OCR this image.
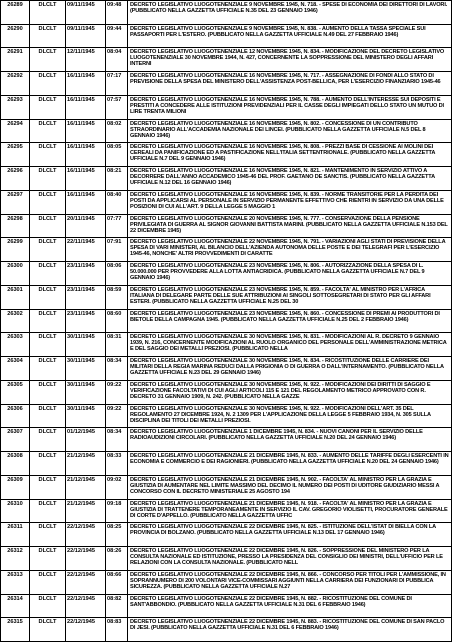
26289	DLCLT	09/11/1945	09:48	DECRETO LEGISLATIVO LUOGOTENENZIALE 9 NOVEMBRE 1945, N. 718. - SPESE DI ECONOMIA DEI DIRETTORI DI LAVORI. (PUBBLICATO NELLA GAZZETTA UFFICIALE N.35 DEL 23 GENNAIO 1946)
26290	DLCLT	09/11/1945	09:44	DECRETO LEGISLATIVO LUOGOTENENZIALE 9 NOVEMBRE 1945, N. 838. - AUMENTO DELLA TASSA SPECIALE SUI PASSAPORTI PER L'ESTERO. (PUBBLICATO NELLA GAZZETTA UFFICIALE N.49 DEL 27 FEBBRAIO 1946)
26291	DLCLT	12/11/1945	08:04	DECRETO LEGISLATIVO LUOGOTENENZIALE 12 NOVEMBRE 1945, N. 834. - MODIFICAZIONE DEL DECRETO LEGISLATIVO LUOGOTENENZIALE 30 NOVEMBRE 1944, N. 427, CONCERNENTE LA SOPPRESSIONE DEL MINISTERO DEGLI AFFARI INTERNI
26292	DLCLT	16/11/1945	07:17	DECRETO LEGISLATIVO LUOGOTENENZIALE 16 NOVEMBRE 1945, N. 717. - ASSEGNAZIONE DI FONDI ALLO STATO DI PREVISIONE DELLA SPESA DEL MINISTERO DELL'ASSISTENZA POST-BELLICA, PER L'ESERCIZIO FINANZIARIO 1945-46
26293	DLCLT	16/11/1945	07:57	DECRETO LEGISLATIVO LUOGOTENENZIALE 16 NOVEMBRE 1945, N. 788. - AUMENTO DELL'INTERESSE SUI DEPOSITI E PRESTITI A CONCEDERE ALLE ISTITUZIONI PREVIDENZIALI PER IL CASSE DEGLI IMPIEGATI DELLO STATO UN MUTUO DI LIRE TRENTA MILIONI
26294	DLCLT	16/11/1945	08:02	DECRETO LEGISLATIVO LUOGOTENENZIALE 16 NOVEMBRE 1945, N. 802. - CONCESSIONE DI UN CONTRIBUTO STRAORDINARIO ALL'ACCADEMIA NAZIONALE DEI LINCEI. (PUBBLICATO NELLA GAZZETTA UFFICIALE N.5 DEL 8 GENNAIO 1946)
26295	DLCLT	16/11/1945	08:05	DECRETO LEGISLATIVO LUOGOTENENZIALE 16 NOVEMBRE 1945, N. 808. - PREZZI BASE DI CESSIONE AI MOLINI DEI CEREALI DA PANIFICAZIONE ED A PASTIFICAZIONE NELL'ITALIA SETTENTRIONALE. (PUBBLICATO NELLA GAZZETTA UFFICIALE N.7 DEL 9 GENNAIO 1946)
26296	DLCLT	16/11/1945	08:21	DECRETO LEGISLATIVO LUOGOTENENZIALE 16 NOVEMBRE 1945, N. 821. - MANTENIMENTO IN SERVIZIO ATTIVO A DECORRERE DALL'ANNO ACCADEMICO 1945-46 DEL PROF. GAETANO DE SANCTIS. (PUBBLICATO NELLA GAZZETTA UFFICIALE N.12 DEL 16 GENNAIO 1946)
26297	DLCLT	16/11/1945	08:40	DECRETO LEGISLATIVO LUOGOTENENZIALE 16 NOVEMBRE 1945, N. 839. - NORME TRANSITORIE PER LA PERDITA DEI POSTI DA APPLICARSI AL PERSONALE IN SERVIZIO PERMANENTE EFFETTIVO CHE RIENTRI IN SERVIZIO DA UNA DELLE POSIZIONI DI CUI ALL'ART. 9 DELLA LEGGE 5 MAGGIO 1
26298	DLCLT	20/11/1945	07:77	DECRETO LEGISLATIVO LUOGOTENENZIALE 20 NOVEMBRE 1945, N. 777. - CONSERVAZIONE DELLA PENSIONE PRIVILEGIATA DI GUERRA AL SIGNOR GIOVANNI BATTISTA MARINI. (PUBBLICATO NELLA GAZZETTA UFFICIALE N.153 DEL 22 DICEMBRE 1945)
26299	DLCLT	22/11/1945	07:91	DECRETO LEGISLATIVO LUOGOTENENZIALE 22 NOVEMBRE 1945, N. 791. - VARIAZIONI AGLI STATI DI PREVISIONE DELLA SPESA DI VARI MINISTERI, AL BILANCIO DELL'AZIENDA AUTONOMA DELLE POSTE E DEI TELEGRAFI PER L'ESERCIZIO 1945-46, NONCHE' ALTRI PROVVEDIMENTI DI CARATTE
26300	DLCLT	23/11/1945	08:06	DECRETO LEGISLATIVO LUOGOTENENZIALE 23 NOVEMBRE 1945, N. 806. - AUTORIZZAZIONE DELLA SPESA DI L. 50.000.000 PER PROVVEDERE ALLA LOTTA ANTIACRIDICA. (PUBBLICATO NELLA GAZZETTA UFFICIALE N.7 DEL 9 GENNAIO 1946)
26301	DLCLT	23/11/1945	08:59	DECRETO LEGISLATIVO LUOGOTENENZIALE 23 NOVEMBRE 1945, N. 859. - FACOLTA' AL MINISTRO PER L'AFRICA ITALIANA DI DELEGARE PARTE DELLE SUE ATTRIBUZIONI AI SINGOLI SOTTOSEGRETARI DI STATO PER GLI AFFARI ESTERI. (PUBBLICATO NELLA GAZZETTA UFFICIALE N.25 DEL 30
26302	DLCLT	23/11/1945	08:60	DECRETO LEGISLATIVO LUOGOTENENZIALE 23 NOVEMBRE 1945, N. 860. - CONCESSIONE DI PREMI AI PRODUTTORI DI BIETOLE DELLA CAMPAGNA 1945. (PUBBLICATO NELLA GAZZETTA UFFICIALE N.25 DEL 2 FEBBRAIO 1946)
26303	DLCLT	30/11/1945	08:31	DECRETO LEGISLATIVO LUOGOTENENZIALE 30 NOVEMBRE 1945, N. 831. - MODIFICAZIONI AL R. DECRETO 9 GENNAIO 1939, N. 216, CONCERNENTE MODIFICAZIONI AL RUOLO ORGANICO DEL PERSONALE DELL'AMMINISTRAZIONE METRICA E DEL SAGGIO DEI METALLI PREZIOSI. (PUBBLICATO NELLA
26304	DLCLT	30/11/1945	08:34	DECRETO LEGISLATIVO LUOGOTENENZIALE 30 NOVEMBRE 1945, N. 834. - RICOSTITUZIONE DELLE CARRIERE DEI MILITARI DELLA REGIA MARINA REDUCI DALLA PRIGIONIA O DI GUERRA O DALL'INTERNAMENTO. (PUBBLICATO NELLA GAZZETTA UFFICIALE N.23 DEL 29 GENNAIO 1946)
26305	DLCLT	30/11/1945	09:22	DECRETO LEGISLATIVO LUOGOTENENZIALE 30 NOVEMBRE 1945, N. 922. - MODIFICAZIONI DEI DIRITTI DI SAGGIO E VERIFICAZIONE FACOLTATIVI DI CUI AGLI ARTICOLI 115 E 121 DEL REGOLAMENTO METRICO APPROVATO CON R. DECRETO 31 GENNAIO 1909, N. 242. (PUBBLICATO NELLA GAZZE
26306	DLCLT	30/11/1945	09:22	DECRETO LEGISLATIVO LUOGOTENENZIALE 30 NOVEMBRE 1945, N. 922. - MODIFICAZIONI DELL'ART. 35 DEL REGOLAMENTO 27 DICEMBRE 1924, N. 2 1309 PER L'APPLICAZIONE DELLA LEGGE 5 FEBBRAIO 1934, N. 305 SULLA DISCIPLINA DEI TITOLI DEI METALLI PREZIOSI.
26307	DLCLT	01/12/1945	08:34	DECRETO LEGISLATIVO LUOGOTENENZIALE 1 DICEMBRE 1945, N. 834. - NUOVI CANONI PER IL SERVIZIO DELLE RADIOAUDIZIONI CIRCOLARI. (PUBBLICATO NELLA GAZZETTA UFFICIALE N.20 DEL 24 GENNAIO 1946)
26308	DLCLT	21/12/1945	08:33	DECRETO LEGISLATIVO LUOGOTENENZIALE 21 DICEMBRE 1945, N. 833. - AUMENTO DELLE TARIFFE DEGLI ESERCENTI IN ECONOMIA E COMMERCIO E DEI RAGIONIERI. (PUBBLICATO NELLA GAZZETTA UFFICIALE N.20 DEL 24 GENNAIO 1946)
26309	DLCLT	21/12/1945	09:02	DECRETO LEGISLATIVO LUOGOTENENZIALE 21 DICEMBRE 1945, N. 902. - FACOLTA' AL MINISTRO PER LA GRAZIA E GIUSTIZIA DI AUMENTARE NEL LIMITE MASSIMO DEL DECIMO IL NUMERO DEI POSTI DI UDITORE GIUDIZIARIO MESSI A CONCORSO CON IL DECRETO MINISTERIALE 25 AGOSTO 194
26310	DLCLT	21/12/1945	09:18	DECRETO LEGISLATIVO LUOGOTENENZIALE 21 DICEMBRE 1945, N. 918. - FACOLTA' AL MINISTRO PER LA GRAZIA E GIUSTIZIA DI TRATTENERE TEMPORANEAMENTE IN SERVIZIO IL CAV. GREGORIO VIOLISETTI, PROCURATORE GENERALE DI CORTE D'APPELLO. (PUBBLICATO NELLA GAZZETTA UFFIC
26311	DLCLT	22/12/1945	08:25	DECRETO LEGISLATIVO LUOGOTENENZIALE 22 DICEMBRE 1945, N. 825. - ISTITUZIONE DELL'ISTAT DI BIELLA CON LA PROVINCIA DI BOLZANO. (PUBBLICATO NELLA GAZZETTA UFFICIALE N.13 DEL 17 GENNAIO 1946)
26312	DLCLT	22/12/1945	08:26	DECRETO LEGISLATIVO LUOGOTENENZIALE 22 DICEMBRE 1945, N. 826. - SOPPRESSIONE DEL MINISTERO PER LA CONSULTA NAZIONALE ED ISTITUZIONE, PRESSO LA PRESIDENZA DEL CONSIGLIO DEI MINISTRI, DELL'UFFICIO PER LE RELAZIONI CON LA CONSULTA NAZIONALE. (PUBBLICATO NELL
26313	DLCLT	22/12/1945	08:66	DECRETO LEGISLATIVO LUOGOTENENZIALE 22 DICEMBRE 1945, N. 866. - CONCORSO PER TITOLI PER L'AMMISSIONE, IN SOPRANNUMERO DI 200 VOLONTARI VICE-COMMISSARI AGGIUNTI NELLA CARRIERA DEI FUNZIONARI DI PUBBLICA SICUREZZA. (PUBBLICATO NELLA GAZZETTA UFFICIALE N.27
26314	DLCLT	22/12/1945	08:82	DECRETO LEGISLATIVO LUOGOTENENZIALE 22 DICEMBRE 1945, N. 882. - RICOSTITUZIONE DEL COMUNE DI SANT'ABBONDIO. (PUBBLICATO NELLA GAZZETTA UFFICIALE N.31 DEL 6 FEBBRAIO 1946)
26315	DLCLT	22/12/1945	08:83	DECRETO LEGISLATIVO LUOGOTENENZIALE 22 DICEMBRE 1945, N. 883. - RICOSTITUZIONE DEL COMUNE DI SAN PACLO DI JESI. (PUBBLICATO NELLA GAZZETTA UFFICIALE N.31 DEL 6 FEBBRAIO 1946)
